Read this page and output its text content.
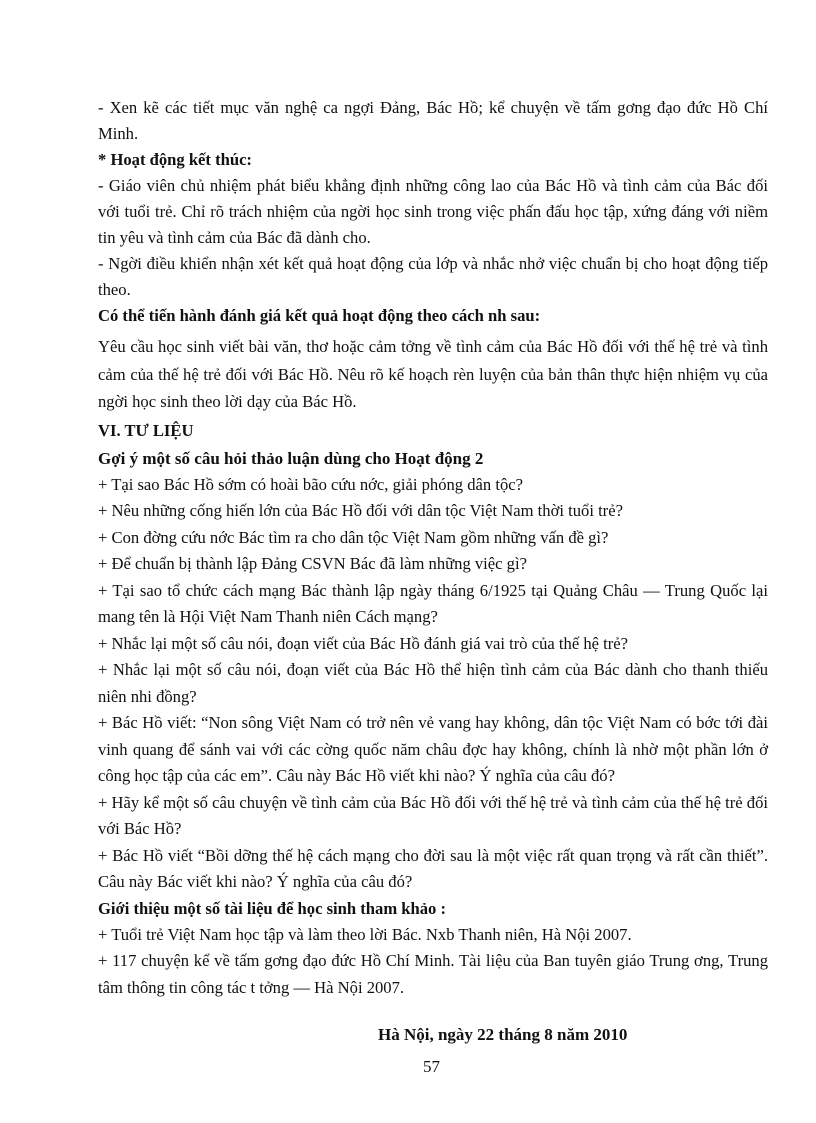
- Xen kẽ các tiết mục văn nghệ ca ngợi Đảng, Bác Hồ; kể chuyện về tấm gơng đạo đức Hồ Chí Minh.

* Hoạt động kết thúc:

- Giáo viên chủ nhiệm phát biểu khẳng định những công lao của Bác Hồ và tình cảm của Bác đối với tuổi trẻ. Chỉ rõ trách nhiệm của ngời học sinh trong việc phấn đấu học tập, xứng đáng với niềm tin yêu và tình cảm của Bác đã dành cho.

- Ngời điều khiển nhận xét kết quả hoạt động của lớp và nhắc nhở việc chuẩn bị cho hoạt động tiếp theo.

Có thể tiến hành đánh giá kết quả hoạt động theo cách nh sau:

Yêu cầu học sinh viết bài văn, thơ hoặc cảm tởng về tình cảm của Bác Hồ đối với thế hệ trẻ và tình cảm của thế hệ trẻ đối với Bác Hồ. Nêu rõ kế hoạch rèn luyện của bản thân thực hiện nhiệm vụ của ngời học sinh theo lời dạy của Bác Hồ.

VI. TƯ LIỆU

Gợi ý một số câu hỏi thảo luận dùng cho Hoạt động 2

+ Tại sao Bác Hồ sớm có hoài bão cứu nớc, giải phóng dân tộc?

+ Nêu những cống hiến lớn của Bác Hồ đối với dân tộc Việt Nam thời tuổi trẻ?

+ Con đờng cứu nớc Bác tìm ra cho dân tộc Việt Nam gồm những vấn đề gì?

+ Để chuẩn bị thành lập Đảng CSVN Bác đã làm những việc gì?

+ Tại sao tổ chức cách mạng Bác thành lập ngày tháng 6/1925 tại Quảng Châu — Trung Quốc lại mang tên là Hội Việt Nam Thanh niên Cách mạng?

+ Nhắc lại một số câu nói, đoạn viết của Bác Hồ đánh giá vai trò của thế hệ trẻ?

+ Nhắc lại một số câu nói, đoạn viết của Bác Hồ thể hiện tình cảm của Bác dành cho thanh thiếu niên nhi đồng?

+ Bác Hồ viết: “Non sông Việt Nam có trở nên vẻ vang hay không, dân tộc Việt Nam có bớc tới đài vinh quang để sánh vai với các cờng quốc năm châu đợc hay không, chính là nhờ một phần lớn ở công học tập của các em”. Câu này Bác Hồ viết khi nào? Ý nghĩa của câu đó?

+ Hãy kể một số câu chuyện về tình cảm của Bác Hồ đối với thế hệ trẻ và tình cảm của thế hệ trẻ đối với Bác Hồ?

+ Bác Hồ viết “Bồi dỡng thế hệ cách mạng cho đời sau là một việc rất quan trọng và rất cần thiết”. Câu này Bác viết khi nào? Ý nghĩa của câu đó?

Giới thiệu một số tài liệu để học sinh tham khảo :

+ Tuổi trẻ Việt Nam học tập và làm theo lời Bác. Nxb Thanh niên, Hà Nội 2007.

+ 117 chuyện kể về tấm gơng đạo đức Hồ Chí Minh. Tài liệu của Ban tuyên giáo Trung ơng, Trung tâm thông tin công tác t tởng — Hà Nội 2007.

Hà Nội, ngày 22 tháng 8 năm 2010
57
